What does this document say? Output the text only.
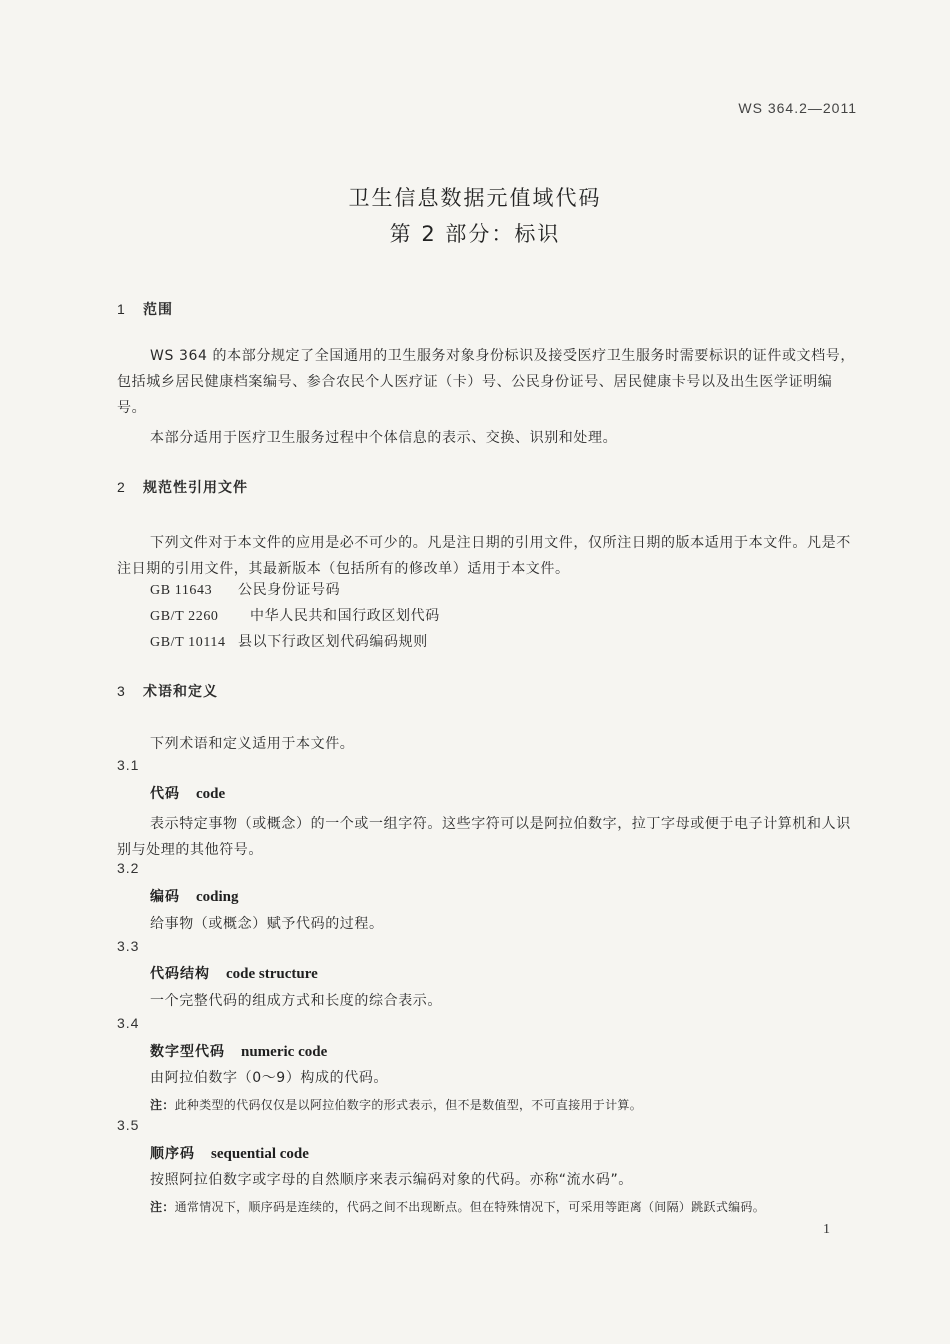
WS 364.2—2011
卫生信息数据元值域代码
第 2 部分：标识
1 范围
WS 364 的本部分规定了全国通用的卫生服务对象身份标识及接受医疗卫生服务时需要标识的证件或文档号，包括城乡居民健康档案编号、参合农民个人医疗证（卡）号、公民身份证号、居民健康卡号以及出生医学证明编号。
本部分适用于医疗卫生服务过程中个体信息的表示、交换、识别和处理。
2 规范性引用文件
下列文件对于本文件的应用是必不可少的。凡是注日期的引用文件，仅所注日期的版本适用于本文件。凡是不注日期的引用文件，其最新版本（包括所有的修改单）适用于本文件。
GB 11643 公民身份证号码
GB/T 2260 中华人民共和国行政区划代码
GB/T 10114 县以下行政区划代码编码规则
3 术语和定义
下列术语和定义适用于本文件。
3.1
代码 code
表示特定事物（或概念）的一个或一组字符。这些字符可以是阿拉伯数字，拉丁字母或便于电子计算机和人识别与处理的其他符号。
3.2
编码 coding
给事物（或概念）赋予代码的过程。
3.3
代码结构 code structure
一个完整代码的组成方式和长度的综合表示。
3.4
数字型代码 numeric code
由阿拉伯数字（0～9）构成的代码。
注：此种类型的代码仅仅是以阿拉伯数字的形式表示，但不是数值型，不可直接用于计算。
3.5
顺序码 sequential code
按照阿拉伯数字或字母的自然顺序来表示编码对象的代码。亦称“流水码”。
注：通常情况下，顺序码是连续的，代码之间不出现断点。但在特殊情况下，可采用等距离（间隔）跳跃式编码。
1
